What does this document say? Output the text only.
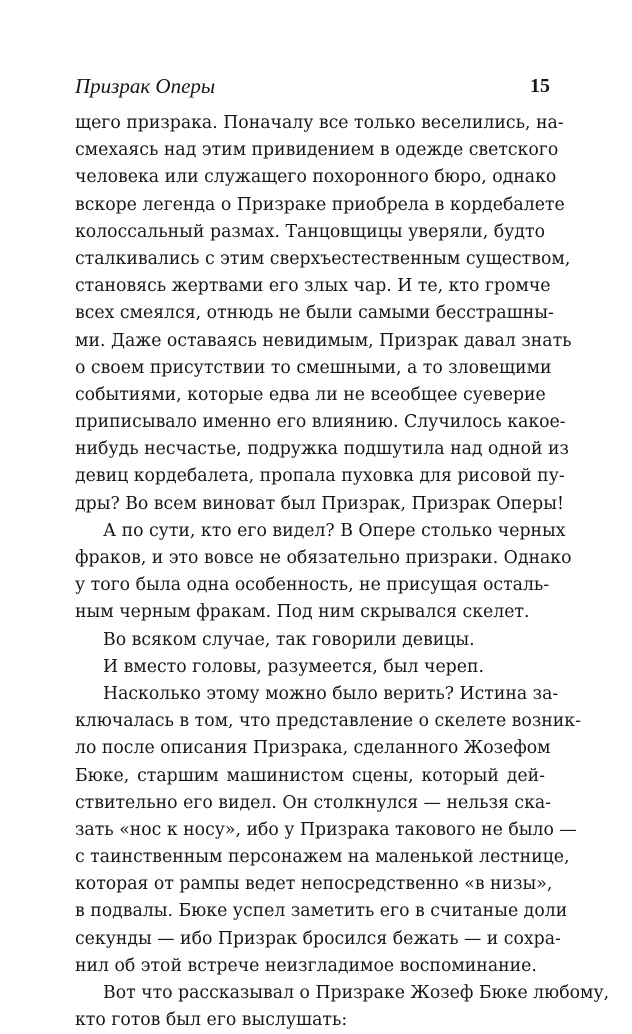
Призрак Оперы	15
щего призрака. Поначалу все только веселились, на-
смехаясь над этим привидением в одежде светского
человека или служащего похоронного бюро, однако
вскоре легенда о Призраке приобрела в кордебалете
колоссальный размах. Танцовщицы уверяли, будто
сталкивались с этим сверхъестественным существом,
становясь жертвами его злых чар. И те, кто громче
всех смеялся, отнюдь не были самыми бесстрашны-
ми. Даже оставаясь невидимым, Призрак давал знать
о своем присутствии то смешными, а то зловещими
событиями, которые едва ли не всеобщее суеверие
приписывало именно его влиянию. Случилось какое-
нибудь несчастье, подружка подшутила над одной из
девиц кордебалета, пропала пуховка для рисовой пу-
дры? Во всем виноват был Призрак, Призрак Оперы!
А по сути, кто его видел? В Опере столько черных
фраков, и это вовсе не обязательно призраки. Однако
у того была одна особенность, не присущая осталь-
ным черным фракам. Под ним скрывался скелет.
Во всяком случае, так говорили девицы.
И вместо головы, разумеется, был череп.
Насколько этому можно было верить? Истина за-
ключалась в том, что представление о скелете возник-
ло после описания Призрака, сделанного Жозефом
Бюке, старшим машинистом сцены, который дей-
ствительно его видел. Он столкнулся — нельзя ска-
зать «нос к носу», ибо у Призрака такового не было —
с таинственным персонажем на маленькой лестнице,
которая от рампы ведет непосредственно «в низы»,
в подвалы. Бюке успел заметить его в считаные доли
секунды — ибо Призрак бросился бежать — и сохра-
нил об этой встрече неизгладимое воспоминание.
Вот что рассказывал о Призраке Жозеф Бюке любому,
кто готов был его выслушать:
